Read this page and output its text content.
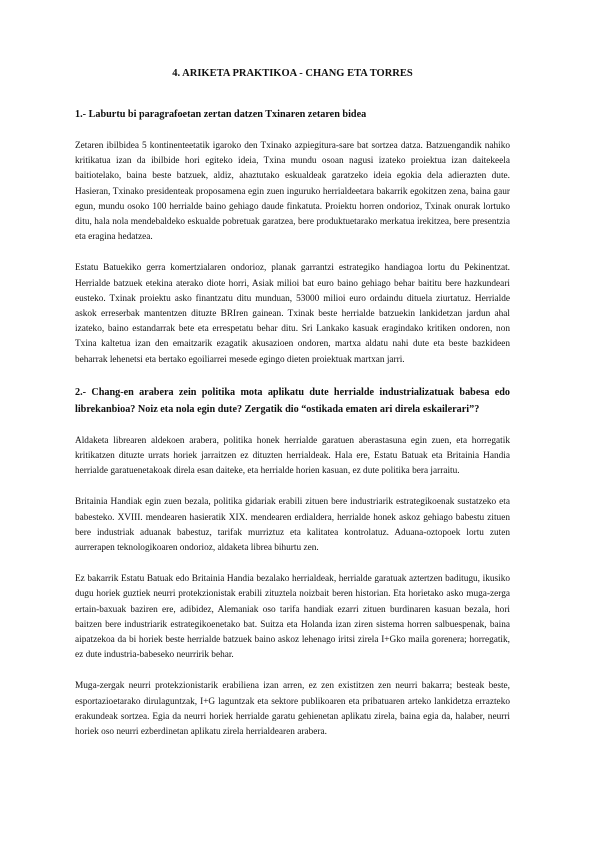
4. ARIKETA PRAKTIKOA - CHANG ETA TORRES
1.- Laburtu bi paragrafoetan zertan datzen Txinaren zetaren bidea

Zetaren ibilbidea 5 kontinenteetatik igaroko den Txinako azpiegitura-sare bat sortzea datza. Batzuengandik nahiko kritikatua izan da ibilbide hori egiteko ideia, Txina mundu osoan nagusi izateko proiektua izan daitekeela baitiotelako, baina beste batzuek, aldiz, ahaztutako eskualdeak garatzeko ideia egokia dela adierazten dute. Hasieran, Txinako presidenteak proposamena egin zuen inguruko herrialdeetara bakarrik egokitzen zena, baina gaur egun, mundu osoko 100 herrialde baino gehiago daude finkatuta. Proiektu horren ondorioz, Txinak onurak lortuko ditu, hala nola mendebaldeko eskualde pobretuak garatzea, bere produktuetarako merkatua irekitzea, bere presentzia eta eragina hedatzea.

Estatu Batuekiko gerra komertzialaren ondorioz, planak garrantzi estrategiko handiagoa lortu du Pekinentzat. Herrialde batzuek etekina aterako diote horri, Asiak milioi bat euro baino gehiago behar baititu bere hazkundeari eusteko. Txinak proiektu asko finantzatu ditu munduan, 53000 milioi euro ordaindu dituela ziurtatuz. Herrialde askok erreserbak mantentzen dituzte BRIren gainean. Txinak beste herrialde batzuekin lankidetzan jardun ahal izateko, baino estandarrak bete eta errespetatu behar ditu. Sri Lankako kasuak eragindako kritiken ondoren, non Txina kaltetua izan den emaitzarik ezagatik akusazioen ondoren, martxa aldatu nahi dute eta beste bazkideen beharrak lehenetsi eta bertako egoiliarrei mesede egingo dieten proiektuak martxan jarri.

2.- Chang-en arabera zein politika mota aplikatu dute herrialde industrializatuak babesa edo librekanbioa? Noiz eta nola egin dute? Zergatik dio “ostikada ematen ari direla eskailerari”?

Aldaketa librearen aldekoen arabera, politika honek herrialde garatuen aberastasuna egin zuen, eta horregatik kritikatzen dituzte urrats horiek jarraitzen ez dituzten herrialdeak. Hala ere, Estatu Batuak eta Britainia Handia herrialde garatuenetakoak direla esan daiteke, eta herrialde horien kasuan, ez dute politika bera jarraitu.

Britainia Handiak egin zuen bezala, politika gidariak erabili zituen bere industriarik estrategikoenak sustatzeko eta babesteko. XVIII. mendearen hasieratik XIX. mendearen erdialdera, herrialde honek askoz gehiago babestu zituen bere industriak aduanak babestuz, tarifak murriztuz eta kalitatea kontrolatuz. Aduana-oztopoek lortu zuten aurrerapen teknologikoaren ondorioz, aldaketa librea bihurtu zen.

Ez bakarrik Estatu Batuak edo Britainia Handia bezalako herrialdeak, herrialde garatuak aztertzen baditugu, ikusiko dugu horiek guztiek neurri protekzionistak erabili zituztela noizbait beren historian. Eta horietako asko muga-zerga ertain-baxuak baziren ere, adibidez, Alemaniak oso tarifa handiak ezarri zituen burdinaren kasuan bezala, hori baitzen bere industriarik estrategikoenetako bat. Suitza eta Holanda izan ziren sistema horren salbuespenak, baina aipatzekoa da bi horiek beste herrialde batzuek baino askoz lehenago iritsi zirela I+Gko maila gorenera; horregatik, ez dute industria-babeseko neurririk behar.

Muga-zergak neurri protekzionistarik erabiliena izan arren, ez zen existitzen zen neurri bakarra; besteak beste, esportazioetarako dirulaguntzak, I+G laguntzak eta sektore publikoaren eta pribatuaren arteko lankidetza errazteko erakundeak sortzea. Egia da neurri horiek herrialde garatu gehienetan aplikatu zirela, baina egia da, halaber, neurri horiek oso neurri ezberdinetan aplikatu zirela herrialdearen arabera.
